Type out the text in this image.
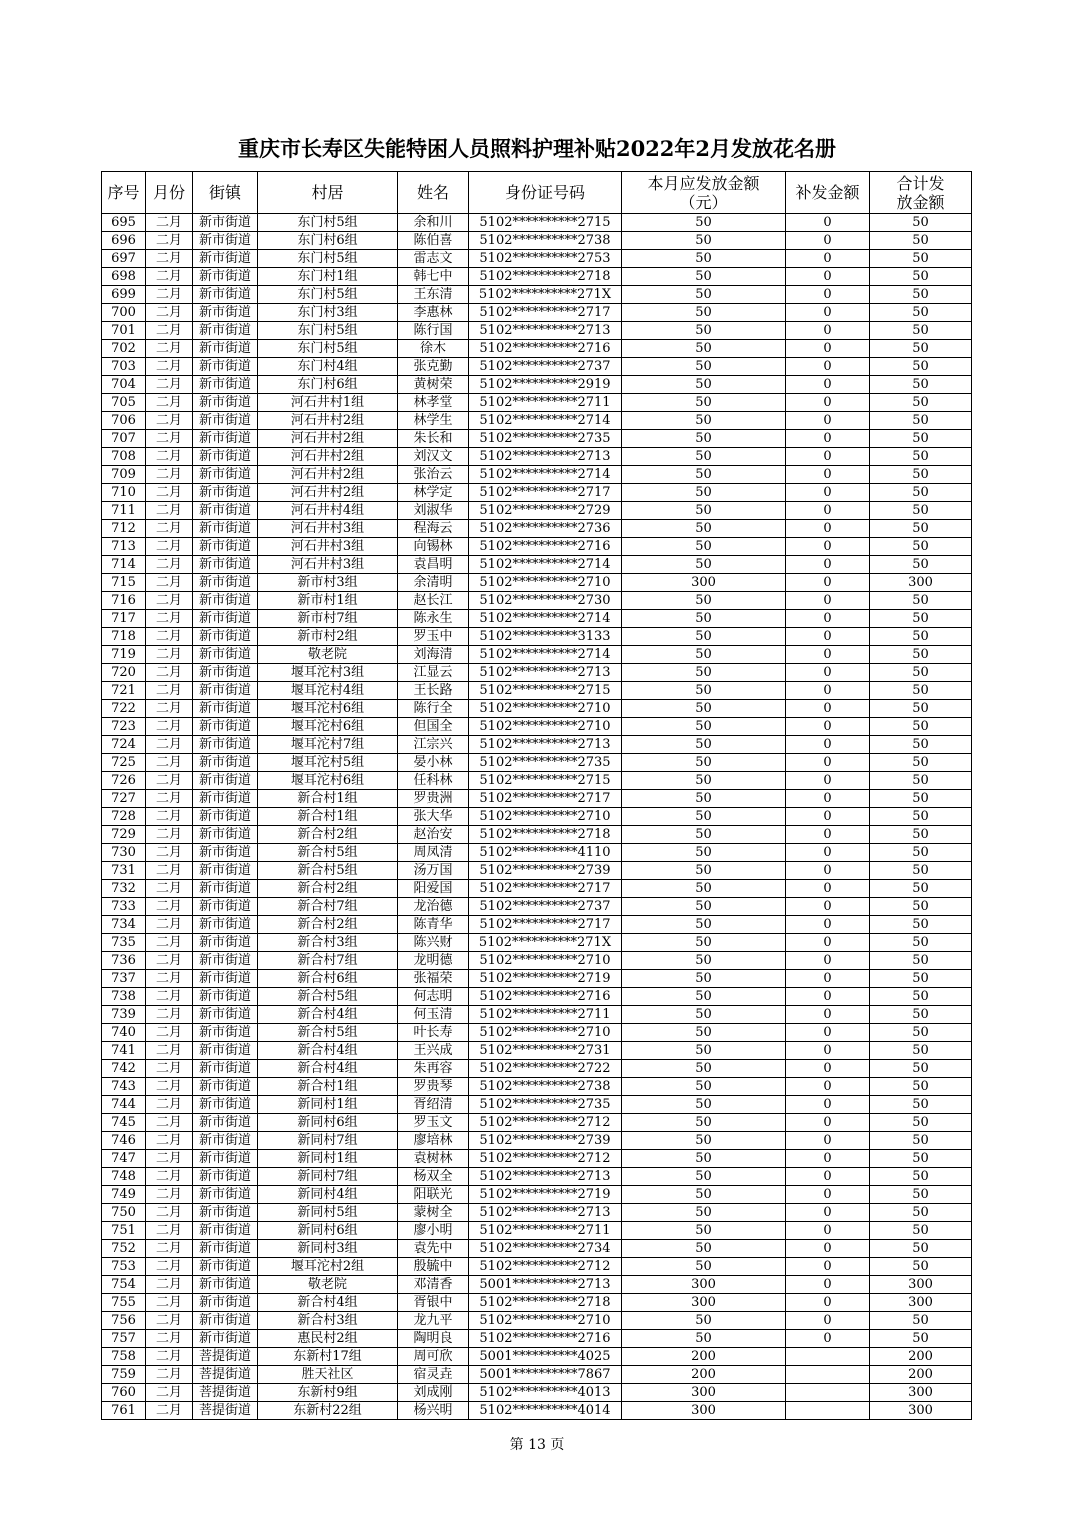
重庆市长寿区失能特困人员照料护理补贴2022年2月发放花名册
序号	月份	街镇	村居	姓名	身份证号码	本月应发放金额（元）	补发金额	合计发放金额
695	二月	新市街道	东门村5组	余和川	5102**********2715	50	0	50
696	二月	新市街道	东门村6组	陈伯喜	5102**********2738	50	0	50
697	二月	新市街道	东门村5组	雷志文	5102**********2753	50	0	50
698	二月	新市街道	东门村1组	韩七中	5102**********2718	50	0	50
699	二月	新市街道	东门村5组	王东清	5102**********271X	50	0	50
700	二月	新市街道	东门村3组	李惠林	5102**********2717	50	0	50
701	二月	新市街道	东门村5组	陈行国	5102**********2713	50	0	50
702	二月	新市街道	东门村5组	徐木	5102**********2716	50	0	50
703	二月	新市街道	东门村4组	张克勤	5102**********2737	50	0	50
704	二月	新市街道	东门村6组	黄树荣	5102**********2919	50	0	50
705	二月	新市街道	河石井村1组	林孝堂	5102**********2711	50	0	50
706	二月	新市街道	河石井村2组	林学生	5102**********2714	50	0	50
707	二月	新市街道	河石井村2组	朱长和	5102**********2735	50	0	50
708	二月	新市街道	河石井村2组	刘汉文	5102**********2713	50	0	50
709	二月	新市街道	河石井村2组	张治云	5102**********2714	50	0	50
710	二月	新市街道	河石井村2组	林学定	5102**********2717	50	0	50
711	二月	新市街道	河石井村4组	刘淑华	5102**********2729	50	0	50
712	二月	新市街道	河石井村3组	程海云	5102**********2736	50	0	50
713	二月	新市街道	河石井村3组	向锡林	5102**********2716	50	0	50
714	二月	新市街道	河石井村3组	袁昌明	5102**********2714	50	0	50
715	二月	新市街道	新市村3组	余清明	5102**********2710	300	0	300
716	二月	新市街道	新市村1组	赵长江	5102**********2730	50	0	50
717	二月	新市街道	新市村7组	陈永生	5102**********2714	50	0	50
718	二月	新市街道	新市村2组	罗玉中	5102**********3133	50	0	50
719	二月	新市街道	敬老院	刘海清	5102**********2714	50	0	50
720	二月	新市街道	堰耳沱村3组	江显云	5102**********2713	50	0	50
721	二月	新市街道	堰耳沱村4组	王长路	5102**********2715	50	0	50
722	二月	新市街道	堰耳沱村6组	陈行全	5102**********2710	50	0	50
723	二月	新市街道	堰耳沱村6组	但国全	5102**********2710	50	0	50
724	二月	新市街道	堰耳沱村7组	江宗兴	5102**********2713	50	0	50
725	二月	新市街道	堰耳沱村5组	晏小林	5102**********2735	50	0	50
726	二月	新市街道	堰耳沱村6组	任科林	5102**********2715	50	0	50
727	二月	新市街道	新合村1组	罗贵洲	5102**********2717	50	0	50
728	二月	新市街道	新合村1组	张大华	5102**********2710	50	0	50
729	二月	新市街道	新合村2组	赵治安	5102**********2718	50	0	50
730	二月	新市街道	新合村5组	周凤清	5102**********4110	50	0	50
731	二月	新市街道	新合村5组	汤万国	5102**********2739	50	0	50
732	二月	新市街道	新合村2组	阳爱国	5102**********2717	50	0	50
733	二月	新市街道	新合村7组	龙治德	5102**********2737	50	0	50
734	二月	新市街道	新合村2组	陈青华	5102**********2717	50	0	50
735	二月	新市街道	新合村3组	陈兴财	5102**********271X	50	0	50
736	二月	新市街道	新合村7组	龙明德	5102**********2710	50	0	50
737	二月	新市街道	新合村6组	张福荣	5102**********2719	50	0	50
738	二月	新市街道	新合村5组	何志明	5102**********2716	50	0	50
739	二月	新市街道	新合村4组	何玉清	5102**********2711	50	0	50
740	二月	新市街道	新合村5组	叶长寿	5102**********2710	50	0	50
741	二月	新市街道	新合村4组	王兴成	5102**********2731	50	0	50
742	二月	新市街道	新合村4组	朱再容	5102**********2722	50	0	50
743	二月	新市街道	新合村1组	罗贵琴	5102**********2738	50	0	50
744	二月	新市街道	新同村1组	胥绍清	5102**********2735	50	0	50
745	二月	新市街道	新同村6组	罗玉文	5102**********2712	50	0	50
746	二月	新市街道	新同村7组	廖培林	5102**********2739	50	0	50
747	二月	新市街道	新同村1组	袁树林	5102**********2712	50	0	50
748	二月	新市街道	新同村7组	杨双全	5102**********2713	50	0	50
749	二月	新市街道	新同村4组	阳联光	5102**********2719	50	0	50
750	二月	新市街道	新同村5组	蒙树全	5102**********2713	50	0	50
751	二月	新市街道	新同村6组	廖小明	5102**********2711	50	0	50
752	二月	新市街道	新同村3组	袁先中	5102**********2734	50	0	50
753	二月	新市街道	堰耳沱村2组	殷毓中	5102**********2712	50	0	50
754	二月	新市街道	敬老院	邓清香	5001**********2713	300	0	300
755	二月	新市街道	新合村4组	胥银中	5102**********2718	300	0	300
756	二月	新市街道	新合村3组	龙九平	5102**********2710	50	0	50
757	二月	新市街道	惠民村2组	陶明良	5102**********2716	50	0	50
758	二月	菩提街道	东新村17组	周可欣	5001**********4025	200		200
759	二月	菩提街道	胜天社区	宿灵垚	5001**********7867	200		200
760	二月	菩提街道	东新村9组	刘成刚	5102**********4013	300		300
761	二月	菩提街道	东新村22组	杨兴明	5102**********4014	300		300
第 13 页
